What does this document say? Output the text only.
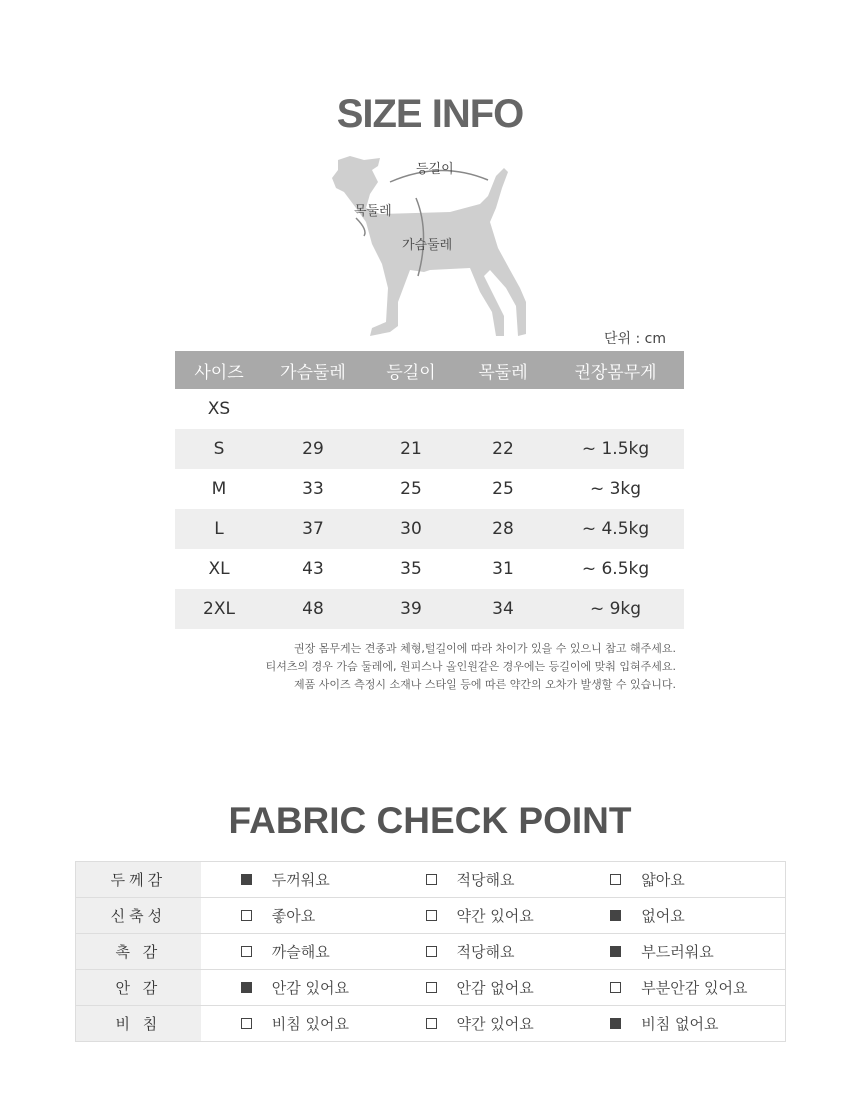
SIZE INFO
등길이
목둘레
가슴둘레
단위 : cm
사이즈	가슴둘레	등길이	목둘레	권장몸무게
XS
S	29	21	22	~ 1.5kg
M	33	25	25	~ 3kg
L	37	30	28	~ 4.5kg
XL	43	35	31	~ 6.5kg
2XL	48	39	34	~ 9kg
권장 몸무게는 견종과 체형,털길이에 따라 차이가 있을 수 있으니 참고 해주세요.
티셔츠의 경우 가슴 둘레에, 원피스나 올인원같은 경우에는 등길이에 맞춰 입혀주세요.
제품 사이즈 측정시 소재나 스타일 등에 따른 약간의 오차가 발생할 수 있습니다.
FABRIC CHECK POINT
두께감	두꺼워요	적당해요	얇아요
신축성	좋아요	약간 있어요	없어요
촉 감	까슬해요	적당해요	부드러워요
안 감	안감 있어요	안감 없어요	부분안감 있어요
비 침	비침 있어요	약간 있어요	비침 없어요
